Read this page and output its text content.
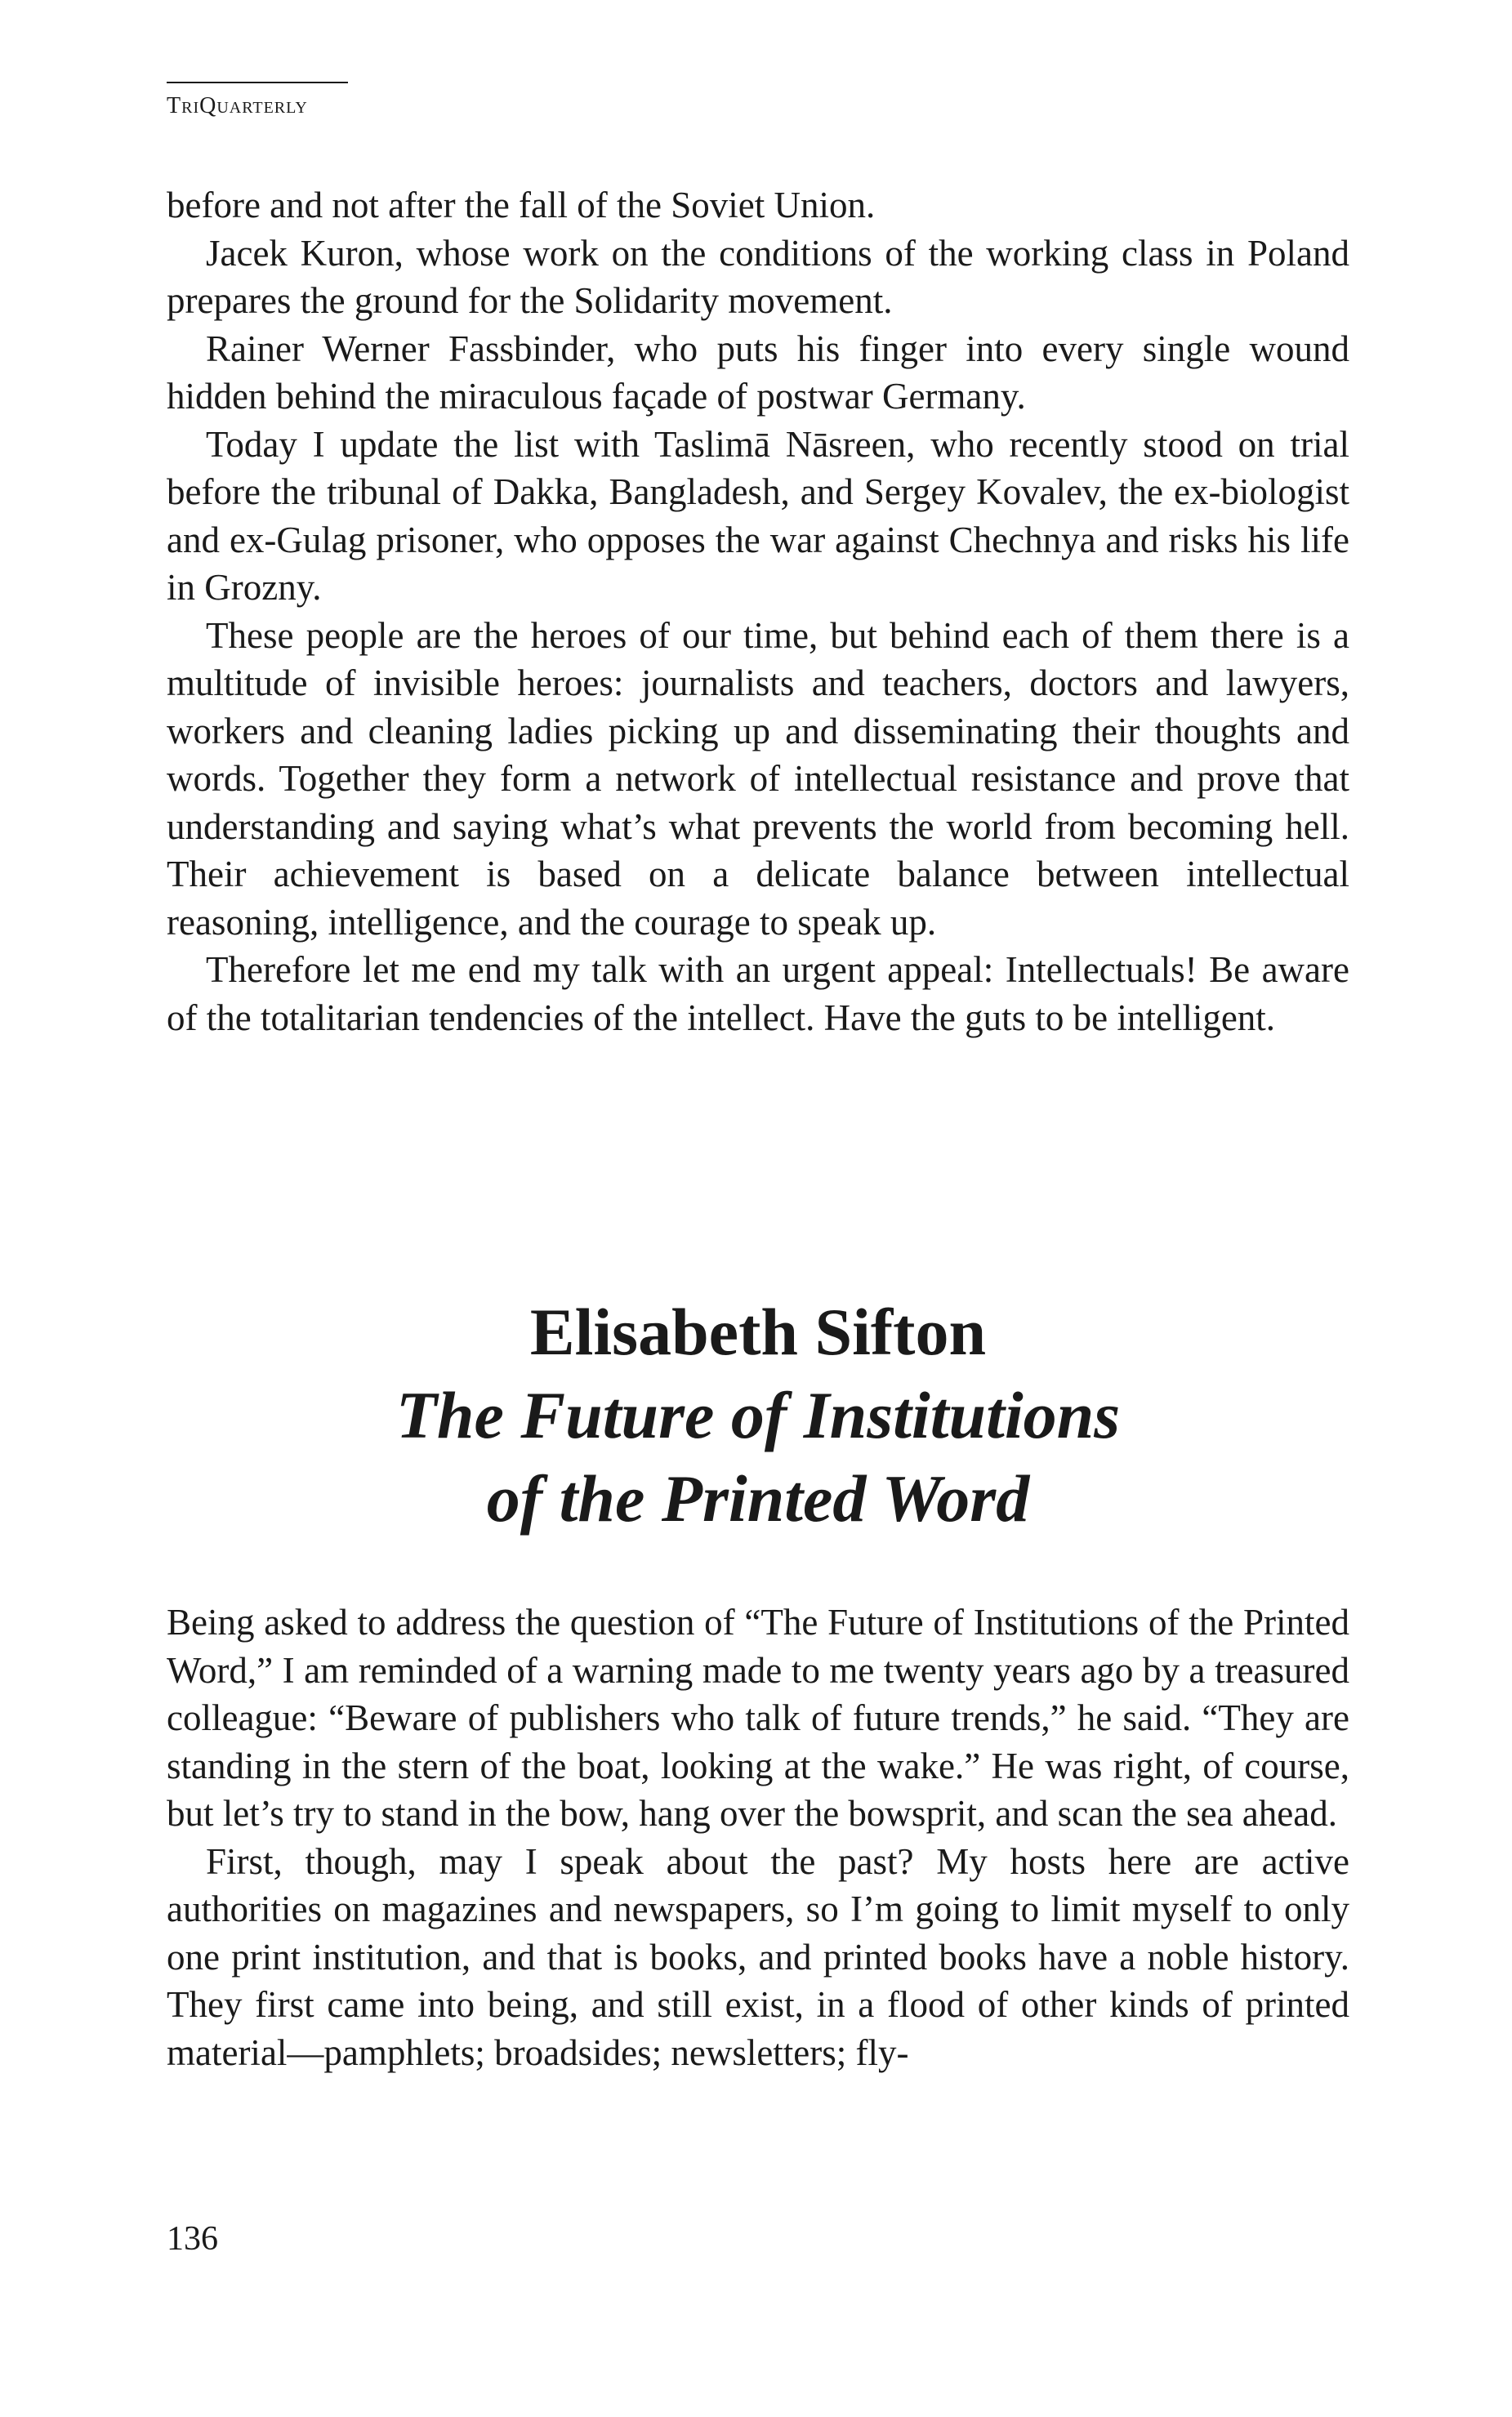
TriQuarterly

before and not after the fall of the Soviet Union.

Jacek Kuron, whose work on the conditions of the working class in Poland prepares the ground for the Solidarity movement.

Rainer Werner Fassbinder, who puts his finger into every single wound hidden behind the miraculous façade of postwar Germany.

Today I update the list with Taslimā Nāsreen, who recently stood on trial before the tribunal of Dakka, Bangladesh, and Sergey Kovalev, the ex-biologist and ex-Gulag prisoner, who opposes the war against Chechnya and risks his life in Grozny.

These people are the heroes of our time, but behind each of them there is a multitude of invisible heroes: journalists and teachers, doctors and lawyers, workers and cleaning ladies picking up and disseminating their thoughts and words. Together they form a network of intellectual resistance and prove that understanding and saying what’s what prevents the world from becoming hell. Their achievement is based on a delicate balance between intellectual reasoning, intelligence, and the courage to speak up.

Therefore let me end my talk with an urgent appeal: Intellectuals! Be aware of the totalitarian tendencies of the intellect. Have the guts to be intelligent.

Elisabeth Sifton
The Future of Institutions
of the Printed Word

Being asked to address the question of “The Future of Institutions of the Printed Word,” I am reminded of a warning made to me twenty years ago by a treasured colleague: “Beware of publishers who talk of future trends,” he said. “They are standing in the stern of the boat, looking at the wake.” He was right, of course, but let’s try to stand in the bow, hang over the bowsprit, and scan the sea ahead.

First, though, may I speak about the past? My hosts here are active authorities on magazines and newspapers, so I’m going to limit myself to only one print institution, and that is books, and printed books have a noble history. They first came into being, and still exist, in a flood of other kinds of printed material—pamphlets; broadsides; newsletters; fly-

136
